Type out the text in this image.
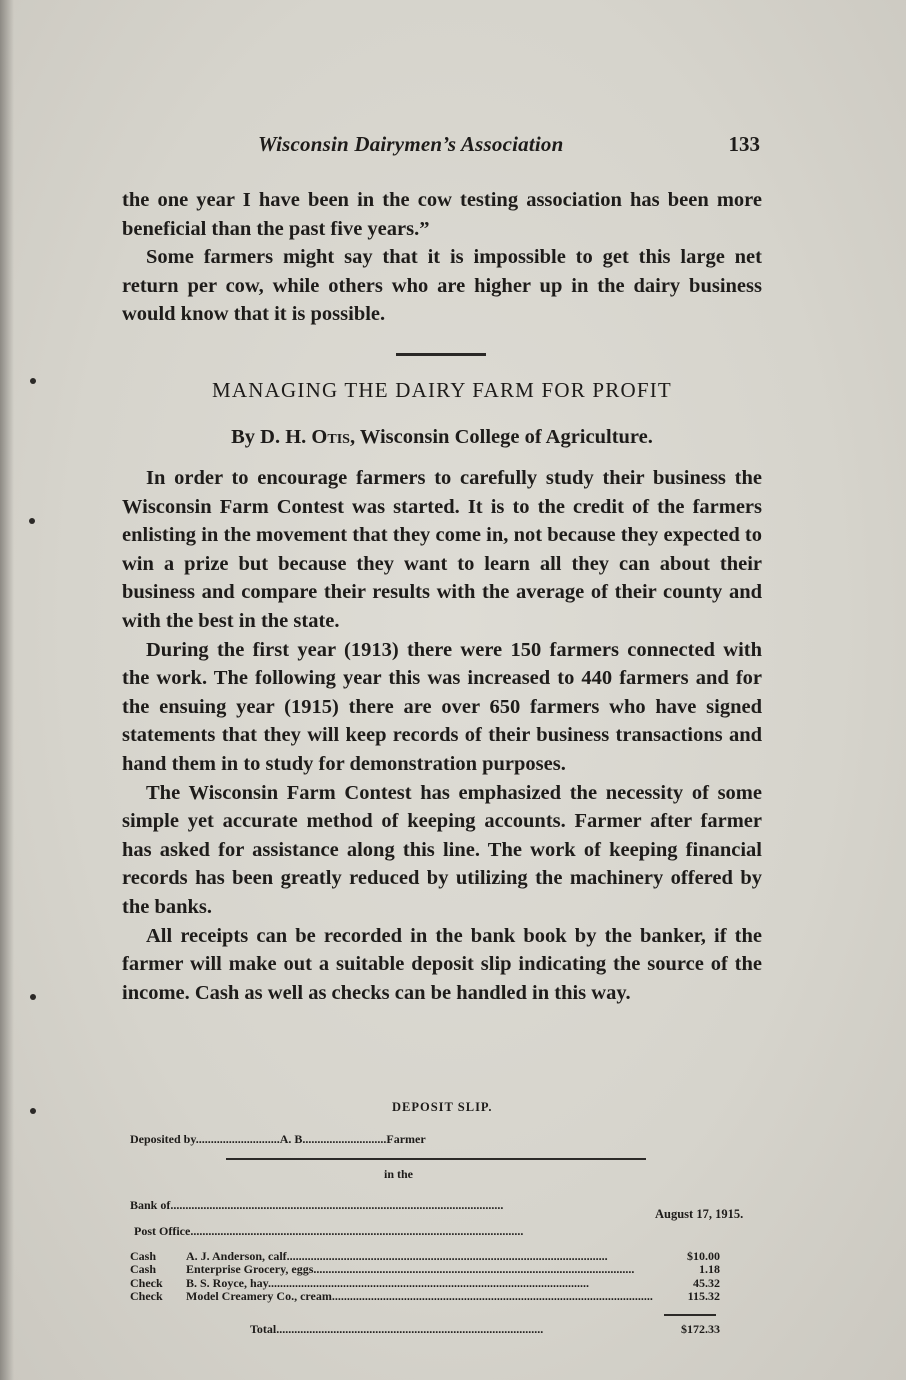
Wisconsin Dairymen’s Association	133

the one year I have been in the cow testing association has been more beneficial than the past five years.”

Some farmers might say that it is impossible to get this large net return per cow, while others who are higher up in the dairy business would know that it is possible.

MANAGING THE DAIRY FARM FOR PROFIT
By D. H. Otis, Wisconsin College of Agriculture.

In order to encourage farmers to carefully study their business the Wisconsin Farm Contest was started. It is to the credit of the farmers enlisting in the movement that they come in, not because they expected to win a prize but because they want to learn all they can about their business and compare their results with the average of their county and with the best in the state.

During the first year (1913) there were 150 farmers connected with the work. The following year this was increased to 440 farmers and for the ensuing year (1915) there are over 650 farmers who have signed statements that they will keep records of their business transactions and hand them in to study for demonstration purposes.

The Wisconsin Farm Contest has emphasized the necessity of some simple yet accurate method of keeping accounts. Farmer after farmer has asked for assistance along this line. The work of keeping financial records has been greatly reduced by utilizing the machinery offered by the banks.

All receipts can be recorded in the bank book by the banker, if the farmer will make out a suitable deposit slip indicating the source of the income. Cash as well as checks can be handled in this way.

DEPOSIT SLIP.
Deposited by............................A. B............................Farmer
in the
Bank of...............................................................................................................
August 17, 1915.
Post Office...............................................................................................................
Cash	A. J. Anderson, calf...........................................................................................................	$10.00
Cash	Enterprise Grocery, eggs...........................................................................................................	1.18
Check	B. S. Royce, hay...........................................................................................................	45.32
Check	Model Creamery Co., cream...........................................................................................................	115.32
Total.........................................................................................	$172.33
